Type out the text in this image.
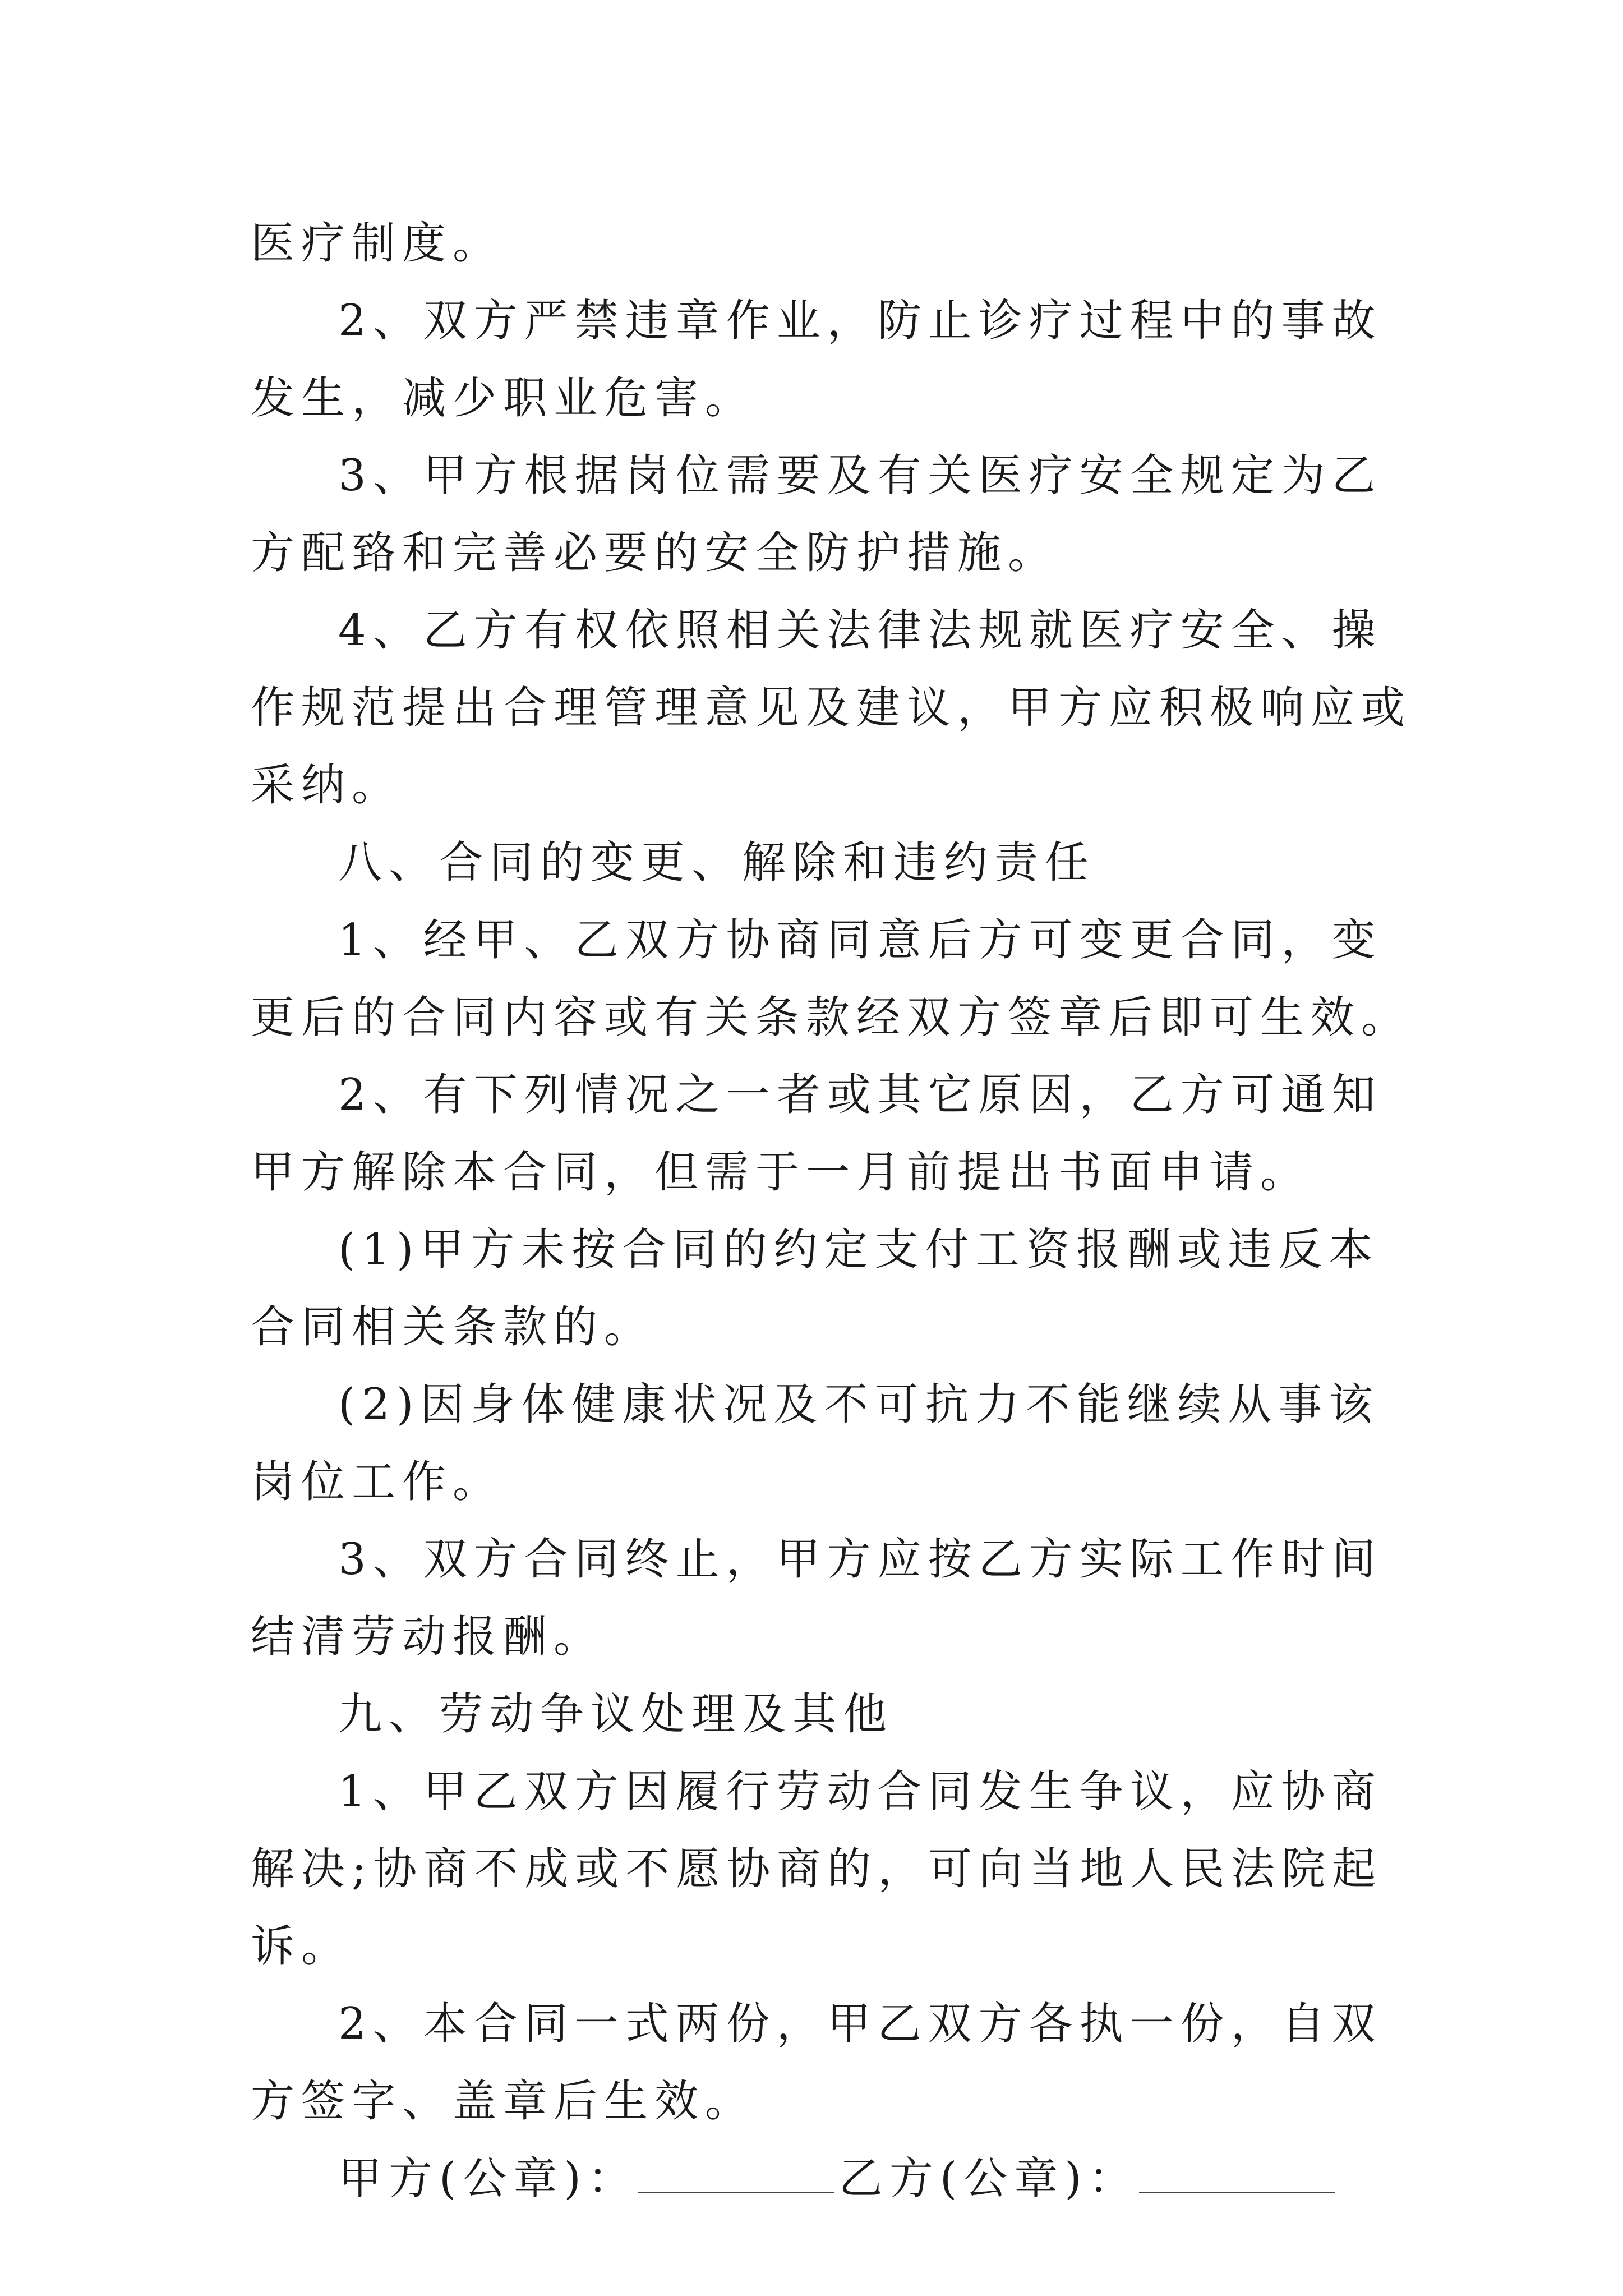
医疗制度。

2、双方严禁违章作业，防止诊疗过程中的事故发生，减少职业危害。

3、甲方根据岗位需要及有关医疗安全规定为乙方配臵和完善必要的安全防护措施。

4、乙方有权依照相关法律法规就医疗安全、操作规范提出合理管理意见及建议，甲方应积极响应或采纳。

八、合同的变更、解除和违约责任

1、经甲、乙双方协商同意后方可变更合同，变更后的合同内容或有关条款经双方签章后即可生效。

2、有下列情况之一者或其它原因，乙方可通知甲方解除本合同，但需于一月前提出书面申请。

(1)甲方未按合同的约定支付工资报酬或违反本合同相关条款的。

(2)因身体健康状况及不可抗力不能继续从事该岗位工作。

3、双方合同终止，甲方应按乙方实际工作时间结清劳动报酬。

九、劳动争议处理及其他

1、甲乙双方因履行劳动合同发生争议，应协商解决;协商不成或不愿协商的，可向当地人民法院起诉。

2、本合同一式两份，甲乙双方各执一份，自双方签字、盖章后生效。

甲方(公章)：	乙方(公章)：
